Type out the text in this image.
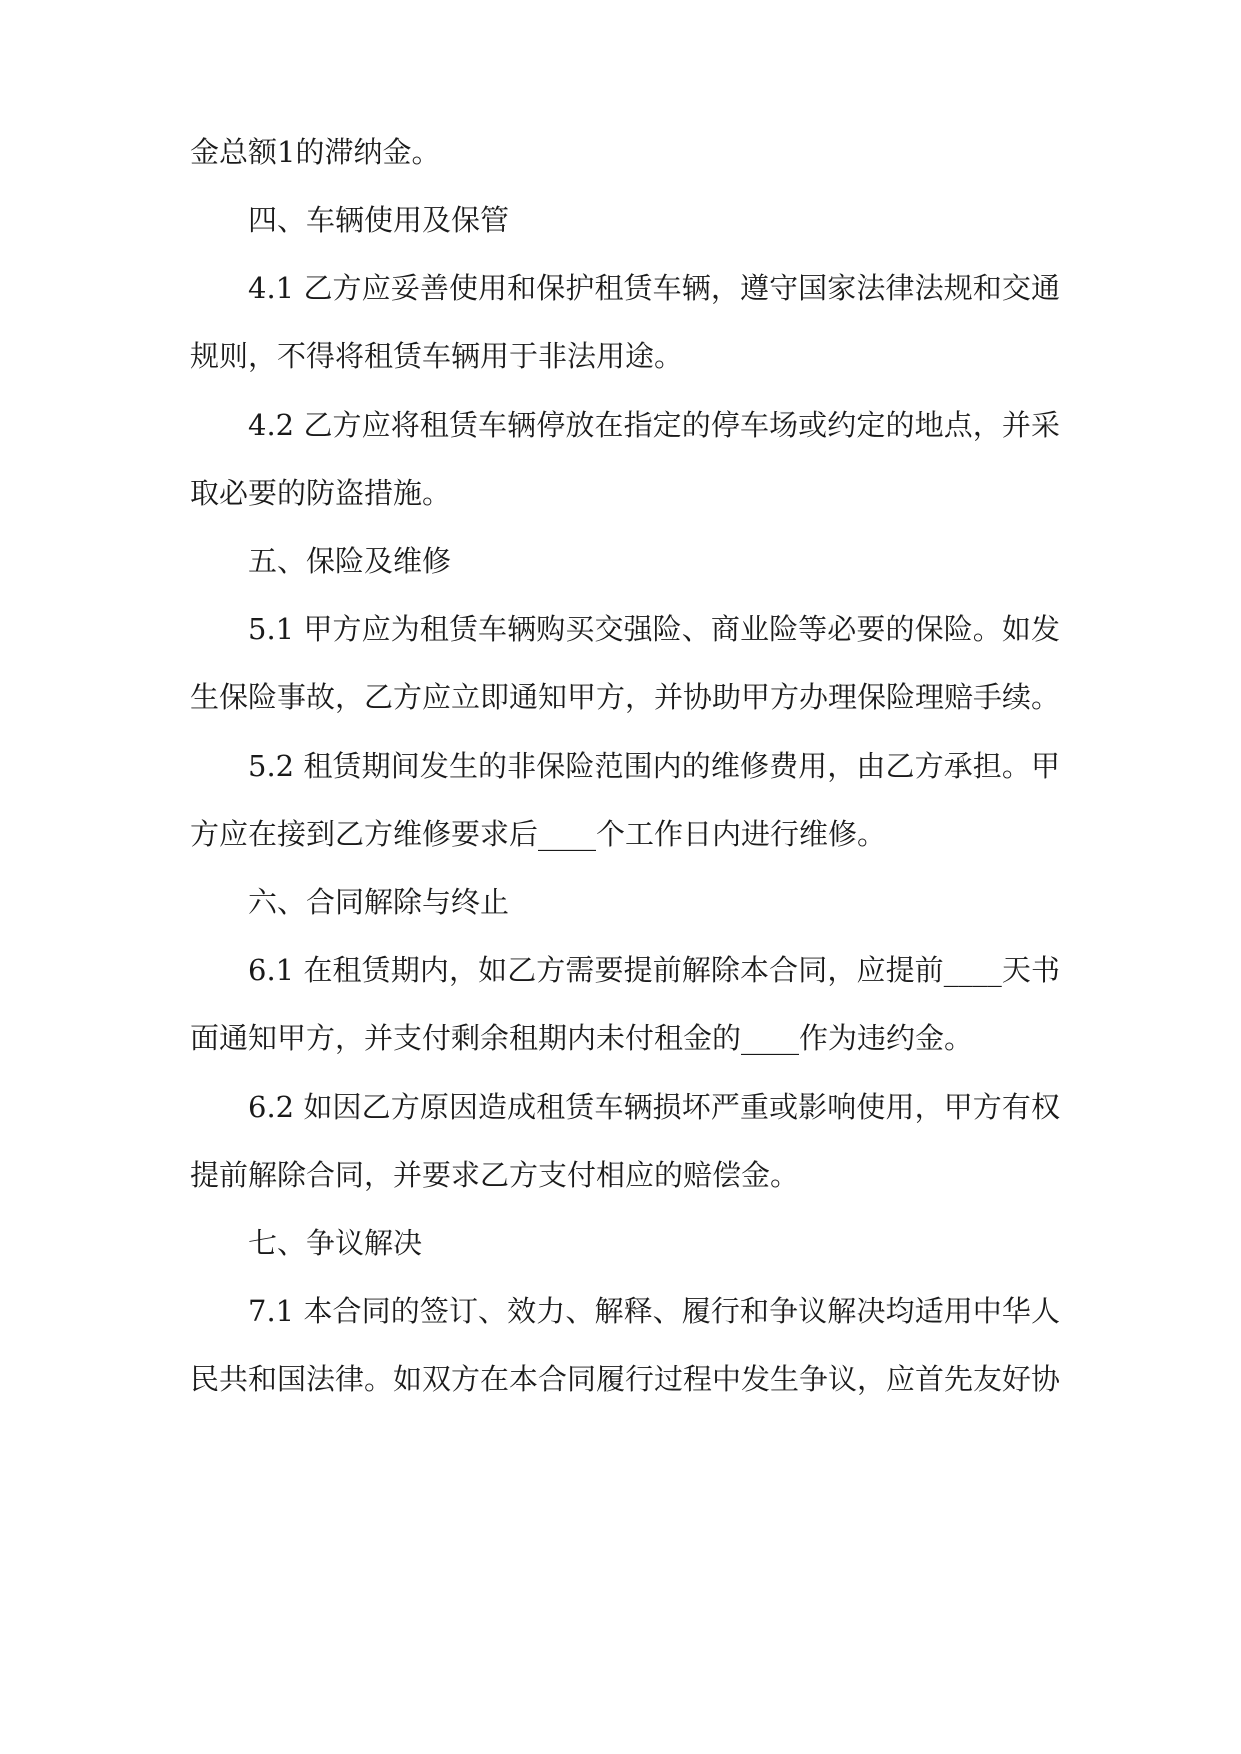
金总额1的滞纳金。
四、车辆使用及保管
4.1 乙方应妥善使用和保护租赁车辆，遵守国家法律法规和交通
规则，不得将租赁车辆用于非法用途。
4.2 乙方应将租赁车辆停放在指定的停车场或约定的地点，并采
取必要的防盗措施。
五、保险及维修
5.1 甲方应为租赁车辆购买交强险、商业险等必要的保险。如发
生保险事故，乙方应立即通知甲方，并协助甲方办理保险理赔手续。
5.2 租赁期间发生的非保险范围内的维修费用，由乙方承担。甲
方应在接到乙方维修要求后____个工作日内进行维修。
六、合同解除与终止
6.1 在租赁期内，如乙方需要提前解除本合同，应提前____天书
面通知甲方，并支付剩余租期内未付租金的____作为违约金。
6.2 如因乙方原因造成租赁车辆损坏严重或影响使用，甲方有权
提前解除合同，并要求乙方支付相应的赔偿金。
七、争议解决
7.1 本合同的签订、效力、解释、履行和争议解决均适用中华人
民共和国法律。如双方在本合同履行过程中发生争议，应首先友好协
